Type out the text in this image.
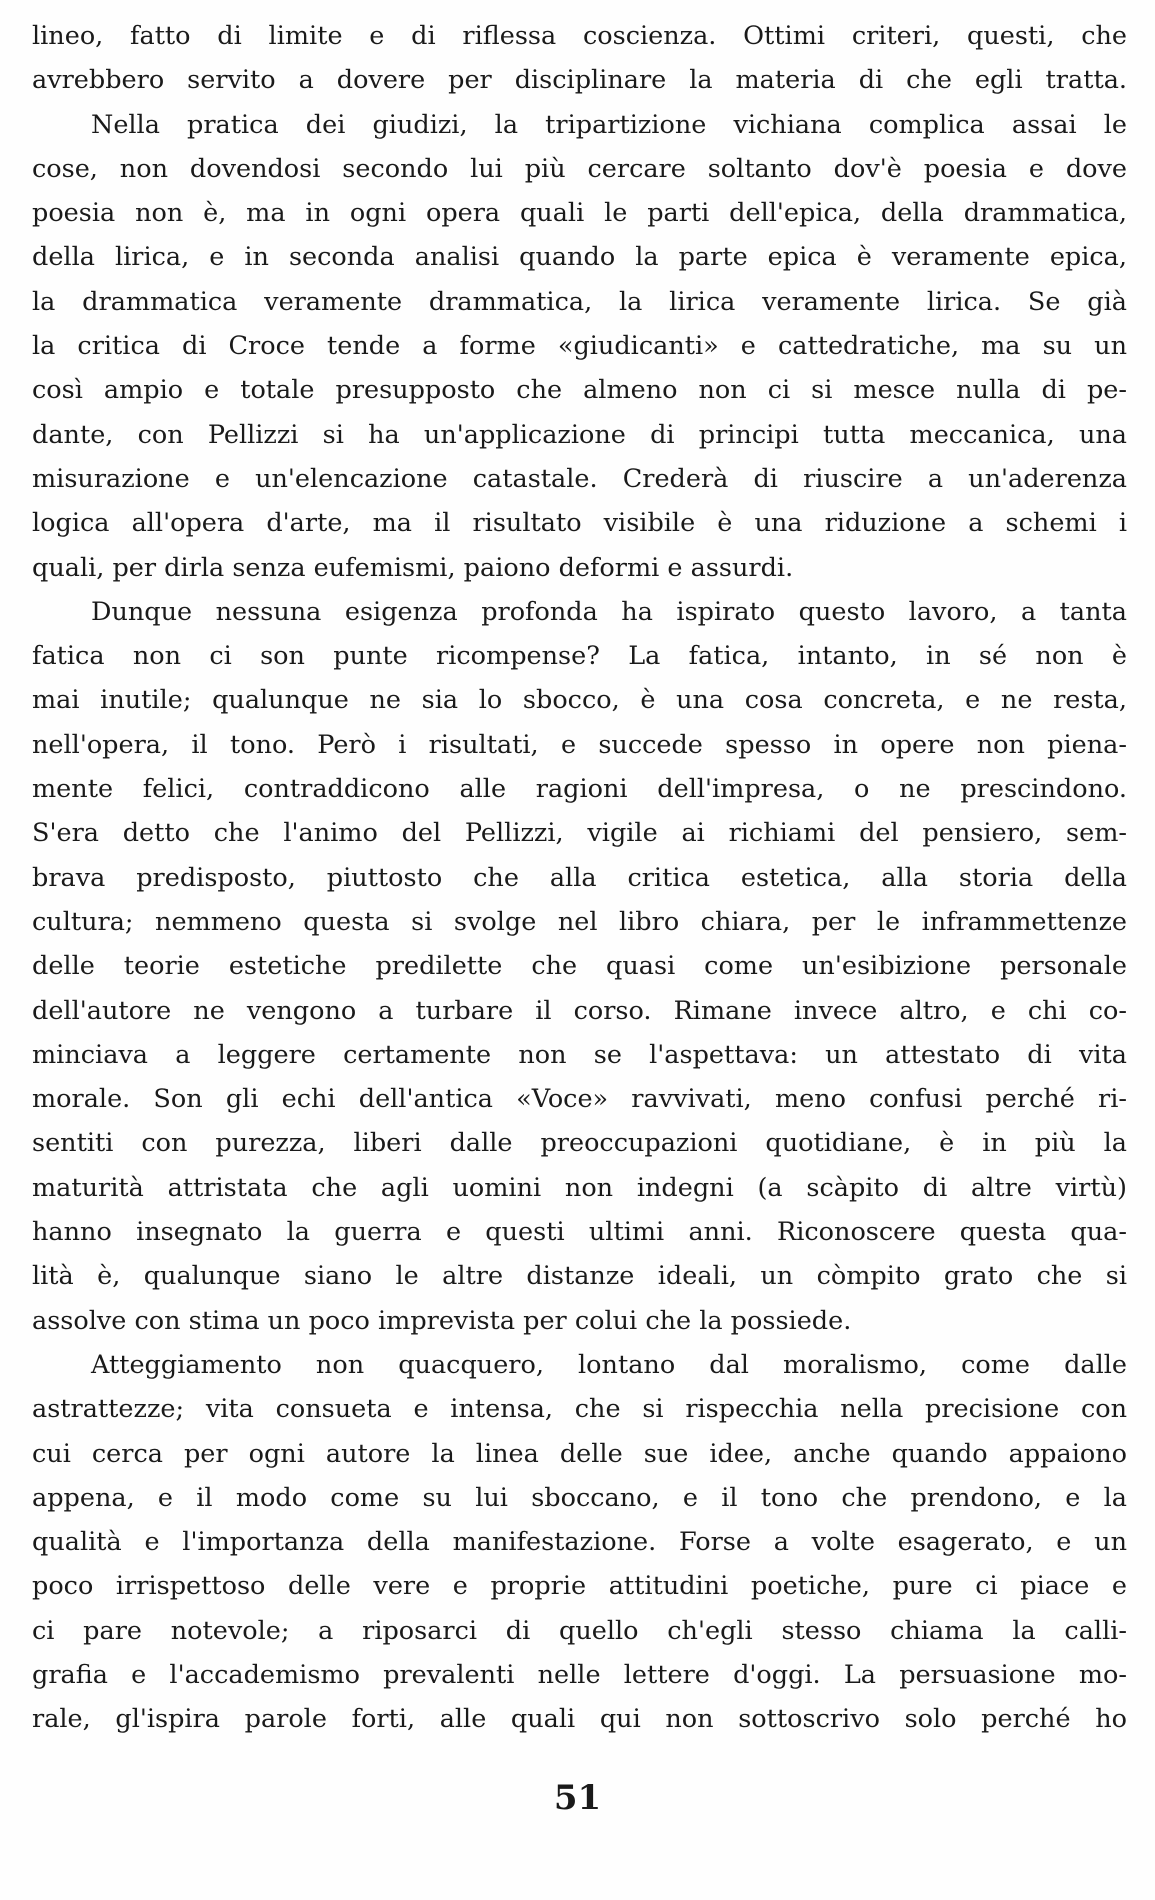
lineo, fatto di limite e di riflessa coscienza. Ottimi criteri, questi, che
avrebbero servito a dovere per disciplinare la materia di che egli tratta.
Nella pratica dei giudizi, la tripartizione vichiana complica assai le
cose, non dovendosi secondo lui più cercare soltanto dov'è poesia e dove
poesia non è, ma in ogni opera quali le parti dell'epica, della drammatica,
della lirica, e in seconda analisi quando la parte epica è veramente epica,
la drammatica veramente drammatica, la lirica veramente lirica. Se già
la critica di Croce tende a forme «giudicanti» e cattedratiche, ma su un
così ampio e totale presupposto che almeno non ci si mesce nulla di pe-
dante, con Pellizzi si ha un'applicazione di principi tutta meccanica, una
misurazione e un'elencazione catastale. Crederà di riuscire a un'aderenza
logica all'opera d'arte, ma il risultato visibile è una riduzione a schemi i
quali, per dirla senza eufemismi, paiono deformi e assurdi.
Dunque nessuna esigenza profonda ha ispirato questo lavoro, a tanta
fatica non ci son punte ricompense? La fatica, intanto, in sé non è
mai inutile; qualunque ne sia lo sbocco, è una cosa concreta, e ne resta,
nell'opera, il tono. Però i risultati, e succede spesso in opere non piena-
mente felici, contraddicono alle ragioni dell'impresa, o ne prescindono.
S'era detto che l'animo del Pellizzi, vigile ai richiami del pensiero, sem-
brava predisposto, piuttosto che alla critica estetica, alla storia della
cultura; nemmeno questa si svolge nel libro chiara, per le inframmettenze
delle teorie estetiche predilette che quasi come un'esibizione personale
dell'autore ne vengono a turbare il corso. Rimane invece altro, e chi co-
minciava a leggere certamente non se l'aspettava: un attestato di vita
morale. Son gli echi dell'antica «Voce» ravvivati, meno confusi perché ri-
sentiti con purezza, liberi dalle preoccupazioni quotidiane, è in più la
maturità attristata che agli uomini non indegni (a scàpito di altre virtù)
hanno insegnato la guerra e questi ultimi anni. Riconoscere questa qua-
lità è, qualunque siano le altre distanze ideali, un còmpito grato che si
assolve con stima un poco imprevista per colui che la possiede.
Atteggiamento non quacquero, lontano dal moralismo, come dalle
astrattezze; vita consueta e intensa, che si rispecchia nella precisione con
cui cerca per ogni autore la linea delle sue idee, anche quando appaiono
appena, e il modo come su lui sboccano, e il tono che prendono, e la
qualità e l'importanza della manifestazione. Forse a volte esagerato, e un
poco irrispettoso delle vere e proprie attitudini poetiche, pure ci piace e
ci pare notevole; a riposarci di quello ch'egli stesso chiama la calli-
grafia e l'accademismo prevalenti nelle lettere d'oggi. La persuasione mo-
rale, gl'ispira parole forti, alle quali qui non sottoscrivo solo perché ho
51
